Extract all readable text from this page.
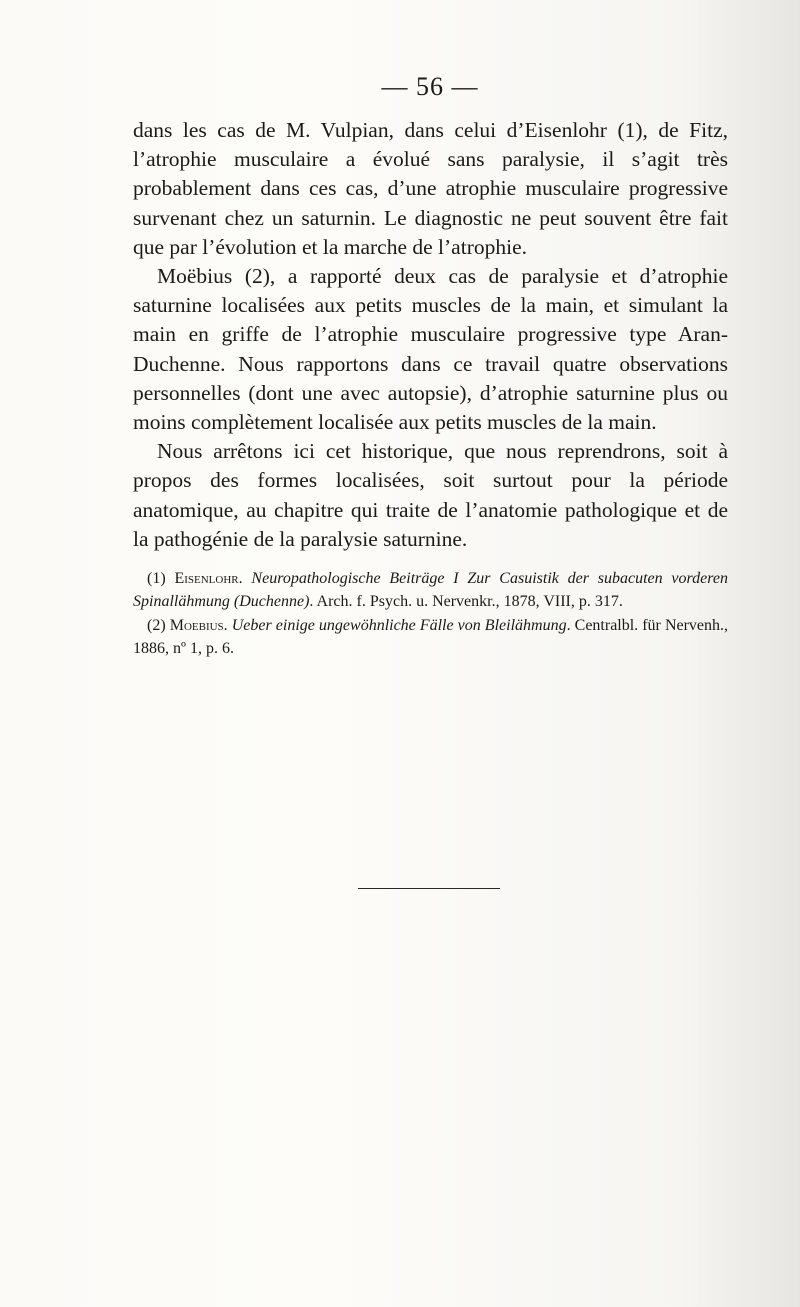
— 56 —

dans les cas de M. Vulpian, dans celui d’Eisenlohr (1), de Fitz, l’atrophie musculaire a évolué sans paralysie, il s’agit très probablement dans ces cas, d’une atrophie musculaire progressive survenant chez un saturnin. Le diagnostic ne peut souvent être fait que par l’évolution et la marche de l’atrophie.

Moëbius (2), a rapporté deux cas de paralysie et d’atrophie saturnine localisées aux petits muscles de la main, et simulant la main en griffe de l’atrophie musculaire progressive type Aran-Duchenne. Nous rapportons dans ce travail quatre observations personnelles (dont une avec autopsie), d’atrophie saturnine plus ou moins complètement localisée aux petits muscles de la main.

Nous arrêtons ici cet historique, que nous reprendrons, soit à propos des formes localisées, soit surtout pour la période anatomique, au chapitre qui traite de l’anatomie pathologique et de la pathogénie de la paralysie saturnine.

(1) Eisenlohr. Neuropathologische Beiträge I Zur Casuistik der subacuten vorderen Spinallähmung (Duchenne). Arch. f. Psych. u. Nervenkr., 1878, VIII, p. 317.

(2) Moebius. Ueber einige ungewöhnliche Fälle von Bleilähmung. Centralbl. für Nervenh., 1886, nº 1, p. 6.
